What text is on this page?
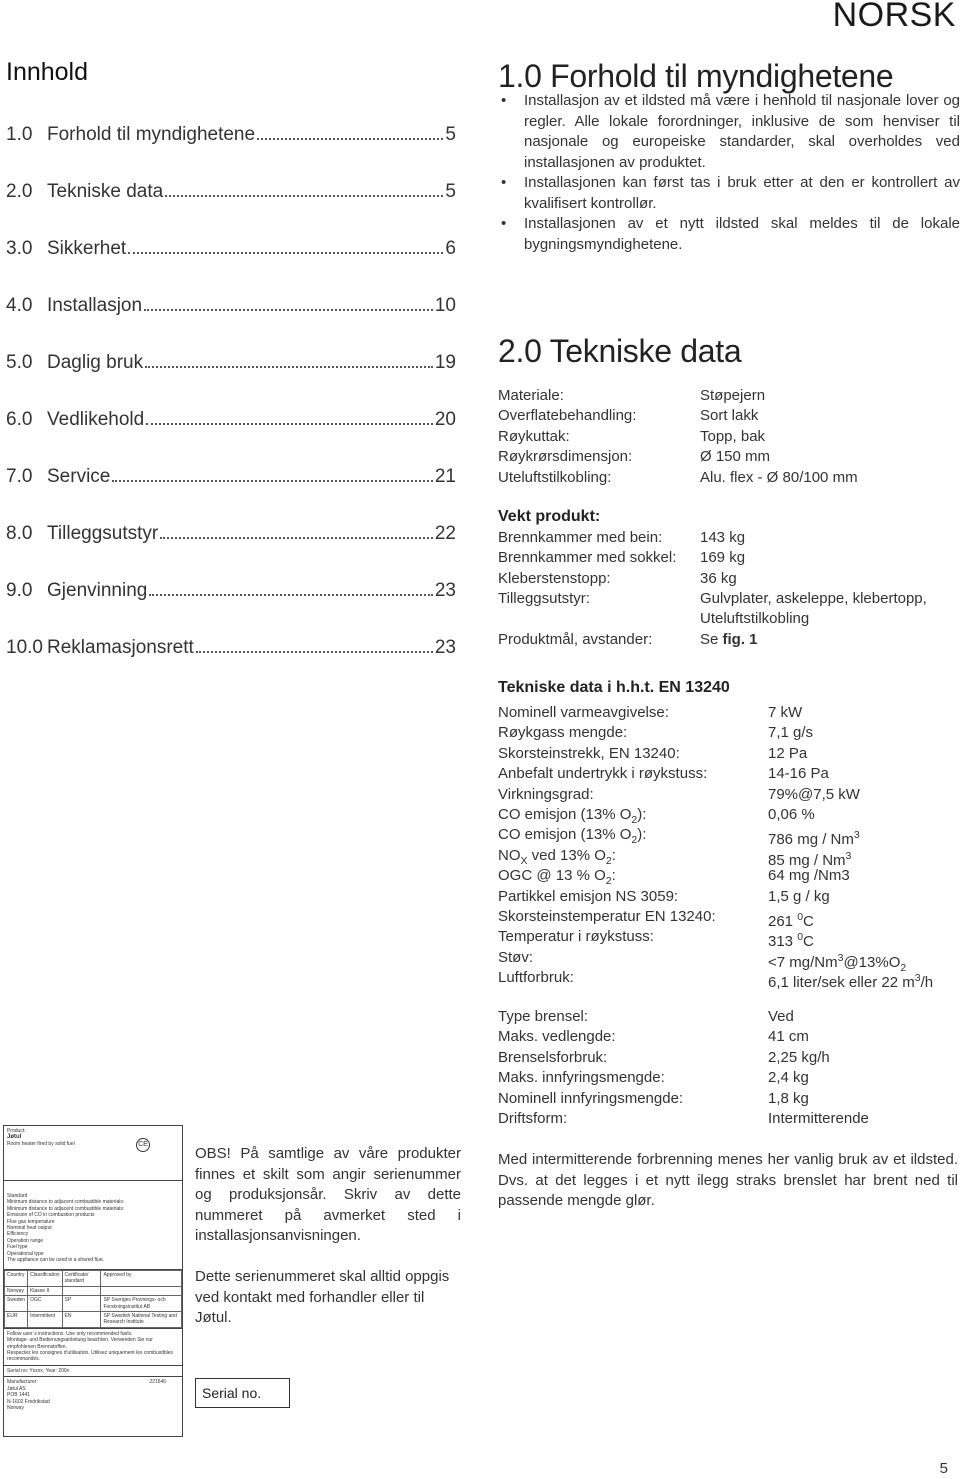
NORSK
Innhold
1.0 Forhold til myndighetene	5
2.0 Tekniske data	5
3.0 Sikkerhet	6
4.0 Installasjon	10
5.0 Daglig bruk	19
6.0 Vedlikehold	20
7.0 Service	21
8.0 Tilleggsutstyr	22
9.0 Gjenvinning	23
10.0 Reklamasjonsrett	23
1.0 Forhold til myndighetene
• Installasjon av et ildsted må være i henhold til nasjonale lover og regler. Alle lokale forordninger, inklusive de som henviser til nasjonale og europeiske standarder, skal overholdes ved installasjonen av produktet.
• Installasjonen kan først tas i bruk etter at den er kontrollert av kvalifisert kontrollør.
• Installasjonen av et nytt ildsted skal meldes til de lokale bygningsmyndighetene.
2.0 Tekniske data
Materiale:	Støpejern
Overflatebehandling:	Sort lakk
Røykuttak:	Topp, bak
Røykrørsdimensjon:	Ø 150 mm
Uteluftstilkobling:	Alu. flex - Ø 80/100 mm
Vekt produkt:
Brennkammer med bein:	143 kg
Brennkammer med sokkel: 169 kg
Kleberstenstopp:	36 kg
Tilleggsutstyr:	Gulvplater, askeleppe, klebertopp,
Uteluftstilkobling
Produktmål, avstander:	Se fig. 1
Tekniske data i h.h.t. EN 13240
Nominell varmeavgivelse:	7 kW
Røykgass mengde:	7,1 g/s
Skorsteinstrekk, EN 13240:	12 Pa
Anbefalt undertrykk i røykstuss:	14-16 Pa
Virkningsgrad:	79%@7,5 kW
CO emisjon (13% $O_2$):	0,06 %
CO emisjon (13% $O_2$):	786 mg / Nm$^3$
$NO_X$ ved 13% $O_2$:	85 mg / Nm$^3$
OGC @ 13 % $O_2$:	64 mg /Nm3
Partikkel emisjon NS 3059:	1,5 g / kg
Skorsteinstemperatur EN 13240:	261 $^0$C
Temperatur i røykstuss:	313 $^0$C
Støv:	<7 $mg/Nm^3@13\%O_2$
Luftforbruk:	6,1 liter/sek eller 22 $m^3/h$
Type brensel:	Ved
Maks. vedlengde:	41 cm
Brenselsforbruk:	2,25 kg/h
Maks. innfyringsmengde:	2,4 kg
Nominell innfyringsmengde:	1,8 kg
Driftsform:	Intermitterende
Med intermitterende forbrenning menes her vanlig bruk av et ildsted. Dvs. at det legges i et nytt ilegg straks brenslet har brent ned til passende mengde glør.
OBS! På samtlige av våre produkter finnes et skilt som angir serienummer og produksjonsår. Skriv av dette nummeret på avmerket sted i installasjonsanvisningen.
Dette serienummeret skal alltid oppgis ved kontakt med forhandler eller til Jøtul.
Serial no.
Product:
Jøtul
Room heater fired by solid fuel	CE
Standard
Minimum distance to adjacent combustible materials:
Minimum distance to adjacent combustible materials:
Emission of CO in combustion products
Flue gas temperature
Nominal heat output
Efficiency
Operation range
Fuel type
Operational type
The appliance can be used in a shared flue.
Country	Classification	Certificate/ standard	Approved by
Norway	Klasse II		
Sweden	OGC	SP	SP Sveriges Provnings- och Forskningsinstitut AB
EUR	Intermittent	EN	SP Swedish National Testing and Research Institute
Follow user´s instructions. Use only recommended fuels.
Montage- und Bedienungsanleitung beachten. Verwenden Sie nur empfohlenen Brennstoffen.
Respectez les consignes d'utilisation. Utilisez uniquement les combustibles recommandés.
Serial no: Yxxxx, Year: 200x
Manufacturer:	221546
Jøtul AS
POB 1441
N-1602 Fredrikstad
Norway
5
